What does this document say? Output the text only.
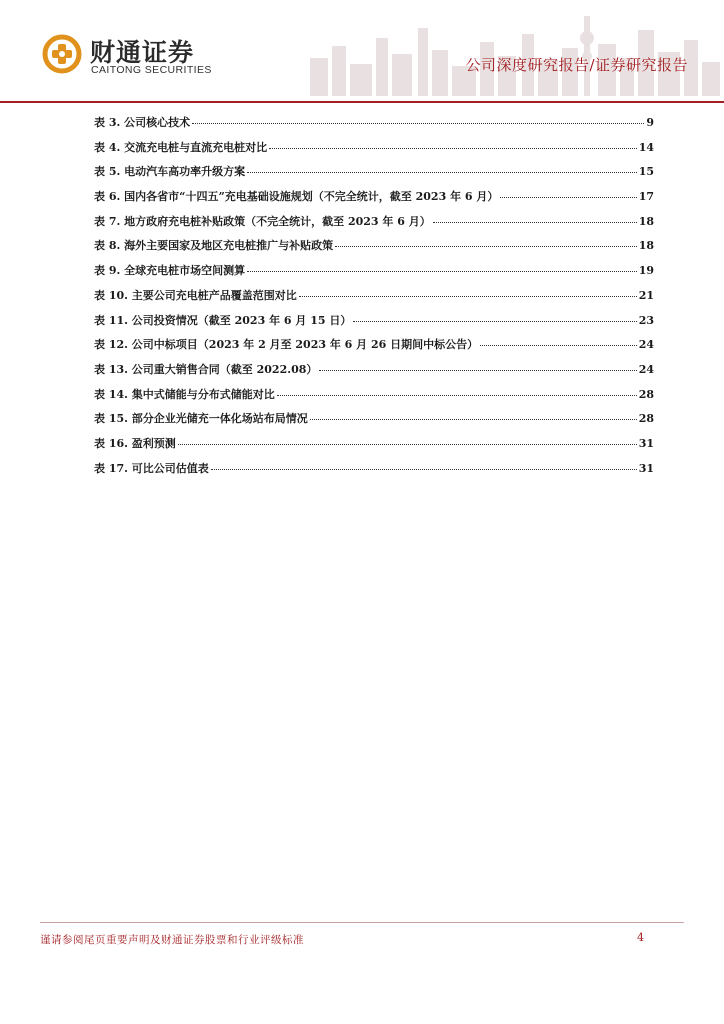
财通证券
CAITONG SECURITIES	公司深度研究报告/证券研究报告
表 3. 公司核心技术	9
表 4. 交流充电桩与直流充电桩对比	14
表 5. 电动汽车高功率升级方案	15
表 6. 国内各省市“十四五”充电基础设施规划（不完全统计，截至 2023 年 6 月）	17
表 7. 地方政府充电桩补贴政策（不完全统计，截至 2023 年 6 月）	18
表 8. 海外主要国家及地区充电桩推广与补贴政策	18
表 9. 全球充电桩市场空间测算	19
表 10. 主要公司充电桩产品覆盖范围对比	21
表 11. 公司投资情况（截至 2023 年 6 月 15 日）	23
表 12. 公司中标项目（2023 年 2 月至 2023 年 6 月 26 日期间中标公告）	24
表 13. 公司重大销售合同（截至 2022.08）	24
表 14. 集中式储能与分布式储能对比	28
表 15. 部分企业光储充一体化场站布局情况	28
表 16. 盈利预测	31
表 17. 可比公司估值表	31
谨请参阅尾页重要声明及财通证券股票和行业评级标准	4
